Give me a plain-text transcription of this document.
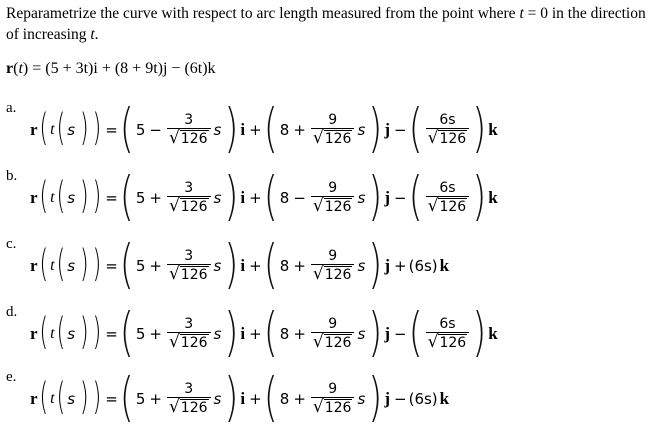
Reparametrize the curve with respect to arc length measured from the point where t = 0 in the direction of increasing t.
r(t) = (5 + 3t)i + (8 + 9t)j − (6t)k
a.
r ( t ( s ) ) = ( $5 - \frac{3}{√ 126}$ s ) i + ( $8 + \frac{9}{√ 126}$ s ) j − ( $\frac{6s}{√ 126}$ ) k
b.
r ( t ( s ) ) = ( $5 + \frac{3}{√ 126}$ s ) i + ( $8 - \frac{9}{√ 126}$ s ) j − ( $\frac{6s}{√ 126}$ ) k
c.
r ( t ( s ) ) = ( $5 + \frac{3}{√ 126}$ s ) i + ( $8 + \frac{9}{√ 126}$ s ) j + (6s) k
d.
r ( t ( s ) ) = ( $5 + \frac{3}{√ 126}$ s ) i + ( $8 + \frac{9}{√ 126}$ s ) j − ( $\frac{6s}{√ 126}$ ) k
e.
r ( t ( s ) ) = ( $5 + \frac{3}{√ 126}$ s ) i + ( $8 + \frac{9}{√ 126}$ s ) j − (6s) k
